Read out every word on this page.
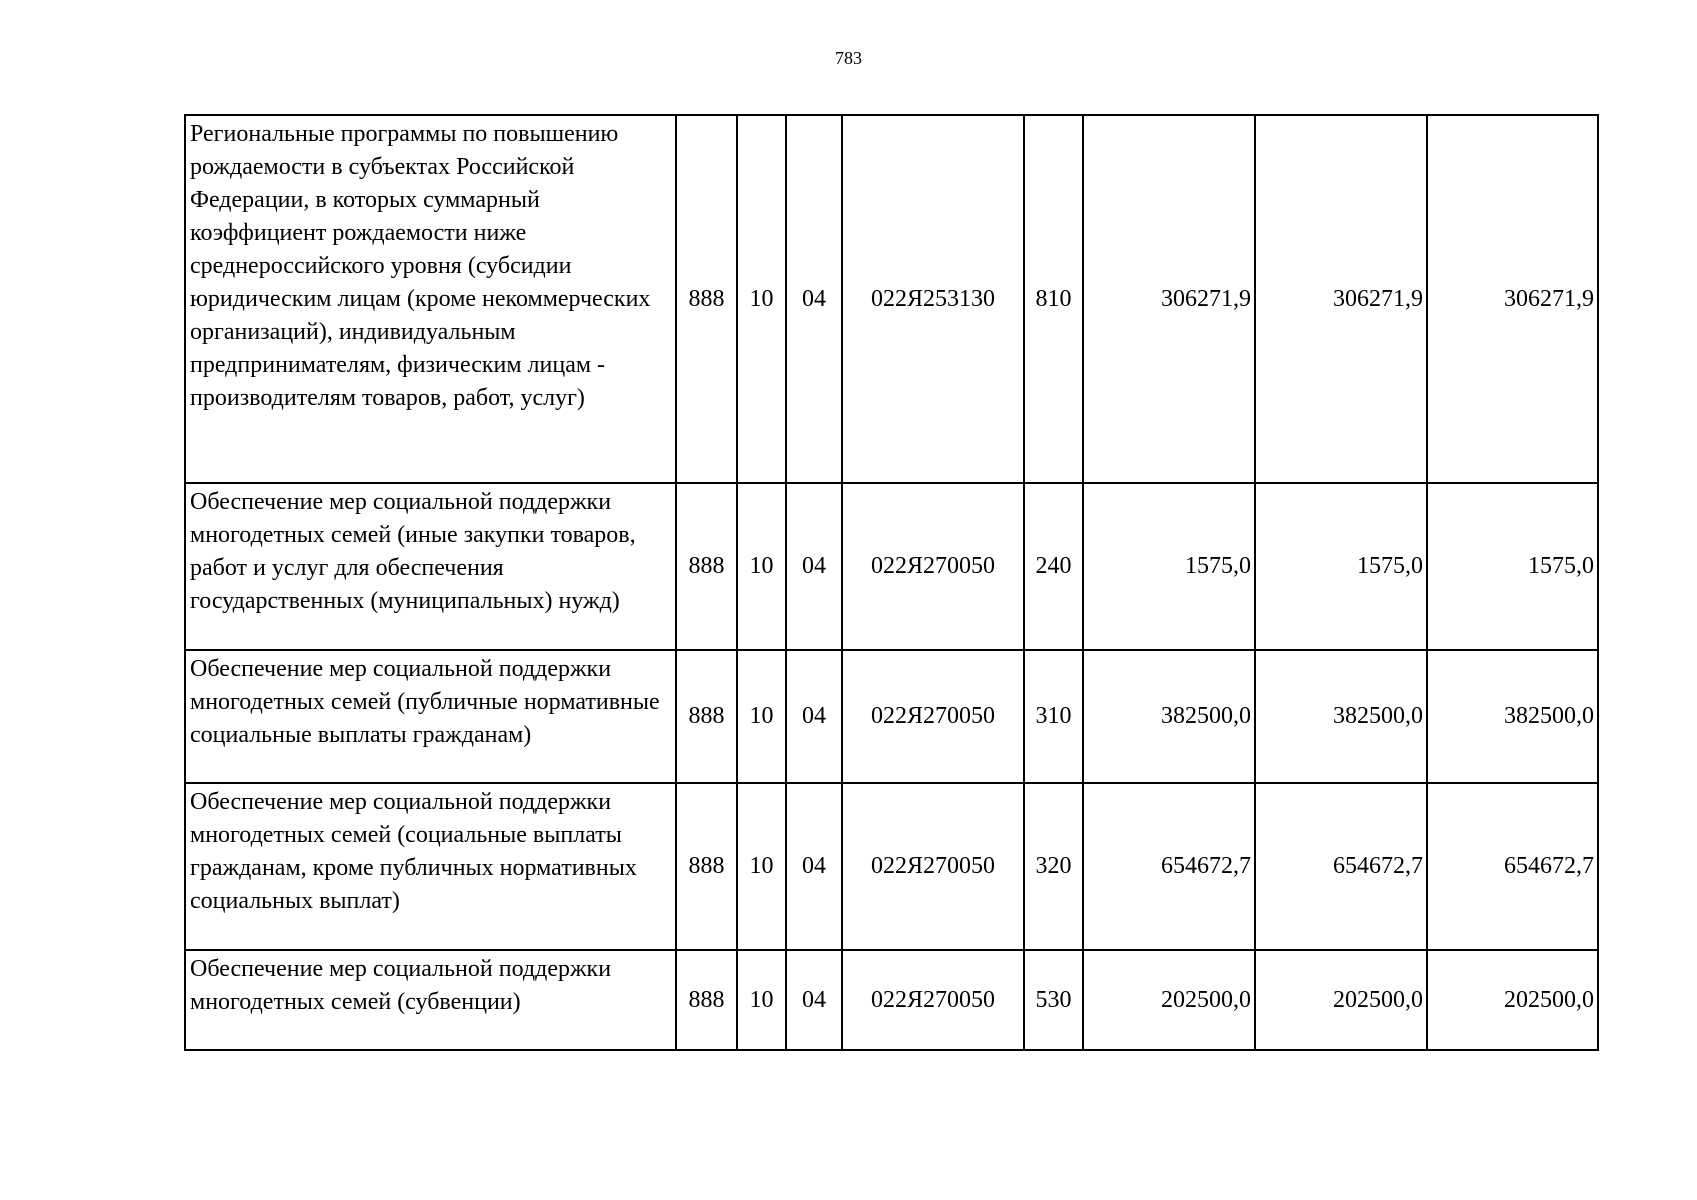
783
Региональные программы по повышению рождаемости в субъектах Российской Федерации, в которых суммарный коэффициент рождаемости ниже среднероссийского уровня (субсидии юридическим лицам (кроме некоммерческих организаций), индивидуальным предпринимателям, физическим лицам - производителям товаров, работ, услуг)	888	10	04	022Я253130	810	306271,9	306271,9	306271,9
Обеспечение мер социальной поддержки многодетных семей (иные закупки товаров, работ и услуг для обеспечения государственных (муниципальных) нужд)	888	10	04	022Я270050	240	1575,0	1575,0	1575,0
Обеспечение мер социальной поддержки многодетных семей (публичные нормативные социальные выплаты гражданам)	888	10	04	022Я270050	310	382500,0	382500,0	382500,0
Обеспечение мер социальной поддержки многодетных семей (социальные выплаты гражданам, кроме публичных нормативных социальных выплат)	888	10	04	022Я270050	320	654672,7	654672,7	654672,7
Обеспечение мер социальной поддержки многодетных семей (субвенции)	888	10	04	022Я270050	530	202500,0	202500,0	202500,0
